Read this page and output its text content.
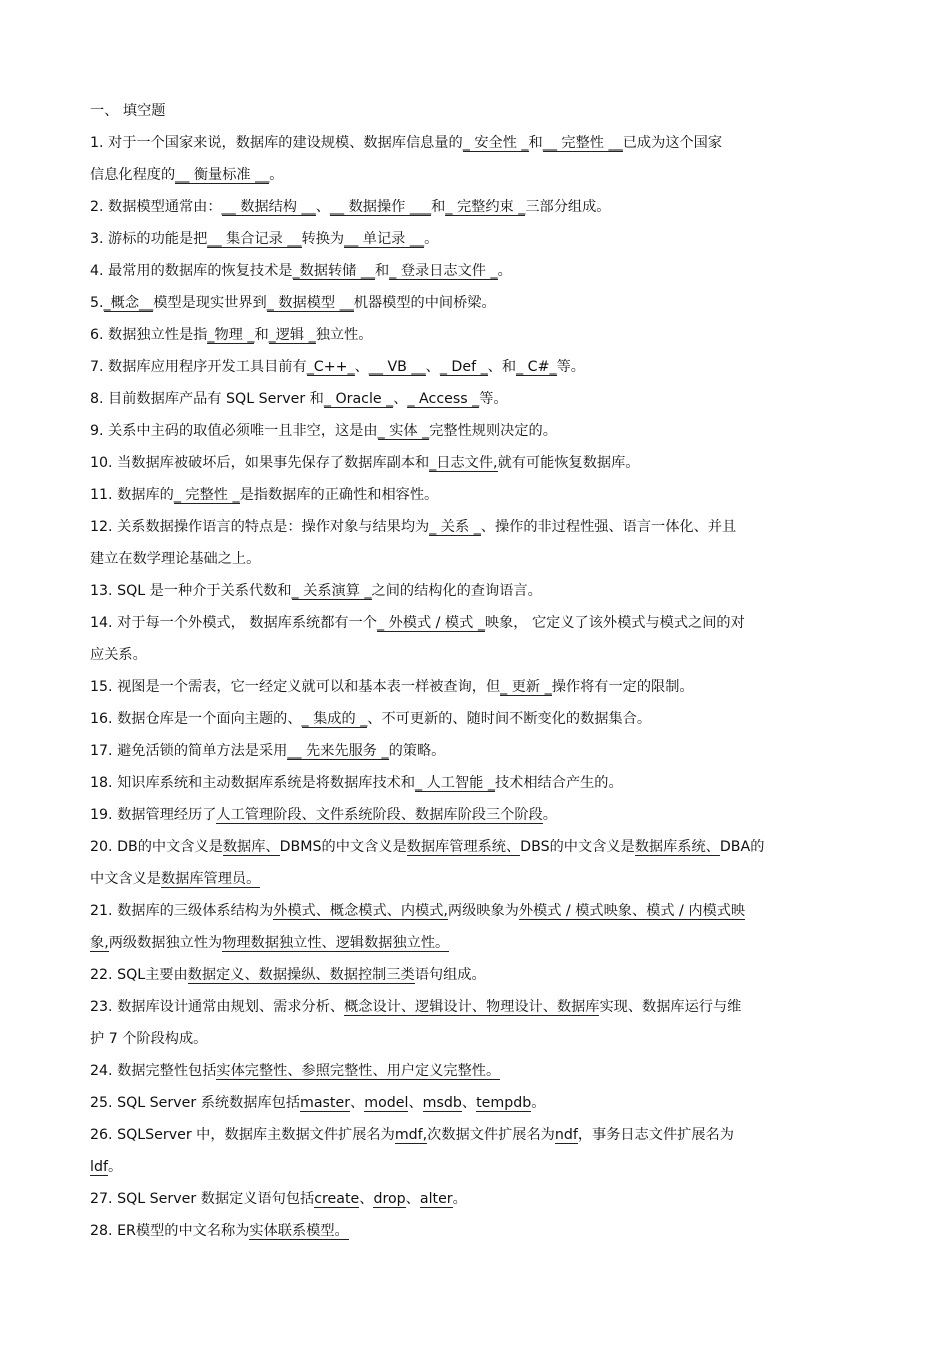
一、 填空题
1. 对于一个国家来说，数据库的建设规模、数据库信息量的_ 安全性 _和__ 完整性 __已成为这个国家
信息化程度的__ 衡量标准 __。
2. 数据模型通常由：__ 数据结构 __、__ 数据操作 ___和_ 完整约束 _三部分组成。
3. 游标的功能是把__ 集合记录 __转换为__ 单记录 __。
4. 最常用的数据库的恢复技术是_数据转储 __和_ 登录日志文件 _。
5._概念__模型是现实世界到_ 数据模型 __机器模型的中间桥梁。
6. 数据独立性是指_物理 _和_逻辑 _独立性。
7. 数据库应用程序开发工具目前有_C++_、__ VB __、_ Def _、和_ C#_等。
8. 目前数据库产品有 SQL Server 和_ Oracle _、_ Access _等。
9. 关系中主码的取值必须唯一且非空，这是由_ 实体 _完整性规则决定的。
10. 当数据库被破坏后，如果事先保存了数据库副本和_日志文件,就有可能恢复数据库。
11. 数据库的_ 完整性 _是指数据库的正确性和相容性。
12. 关系数据操作语言的特点是：操作对象与结果均为_ 关系 _、操作的非过程性强、语言一体化、并且
建立在数学理论基础之上。
13. SQL 是一种介于关系代数和_ 关系演算 _之间的结构化的查询语言。
14. 对于每一个外模式， 数据库系统都有一个_ 外模式 / 模式 _映象， 它定义了该外模式与模式之间的对
应关系。
15. 视图是一个需表，它一经定义就可以和基本表一样被查询，但_ 更新 _操作将有一定的限制。
16. 数据仓库是一个面向主题的、_ 集成的 _、不可更新的、随时间不断变化的数据集合。
17. 避免活锁的简单方法是采用__ 先来先服务 _的策略。
18. 知识库系统和主动数据库系统是将数据库技术和_ 人工智能 _技术相结合产生的。
19. 数据管理经历了人工管理阶段、文件系统阶段、数据库阶段三个阶段。
20. DB的中文含义是数据库、DBMS的中文含义是数据库管理系统、DBS的中文含义是数据库系统、DBA的
中文含义是数据库管理员。
21. 数据库的三级体系结构为外模式、概念模式、内模式,两级映象为外模式 / 模式映象、模式 / 内模式映
象,两级数据独立性为物理数据独立性、逻辑数据独立性。
22. SQL主要由数据定义、数据操纵、数据控制三类语句组成。
23. 数据库设计通常由规划、需求分析、概念设计、逻辑设计、物理设计、数据库实现、数据库运行与维
护 7 个阶段构成。
24. 数据完整性包括实体完整性、参照完整性、用户定义完整性。
25. SQL Server 系统数据库包括master、model、msdb、tempdb。
26. SQLServer 中，数据库主数据文件扩展名为mdf,次数据文件扩展名为ndf，事务日志文件扩展名为
ldf。
27. SQL Server 数据定义语句包括create、drop、alter。
28. ER模型的中文名称为实体联系模型。
